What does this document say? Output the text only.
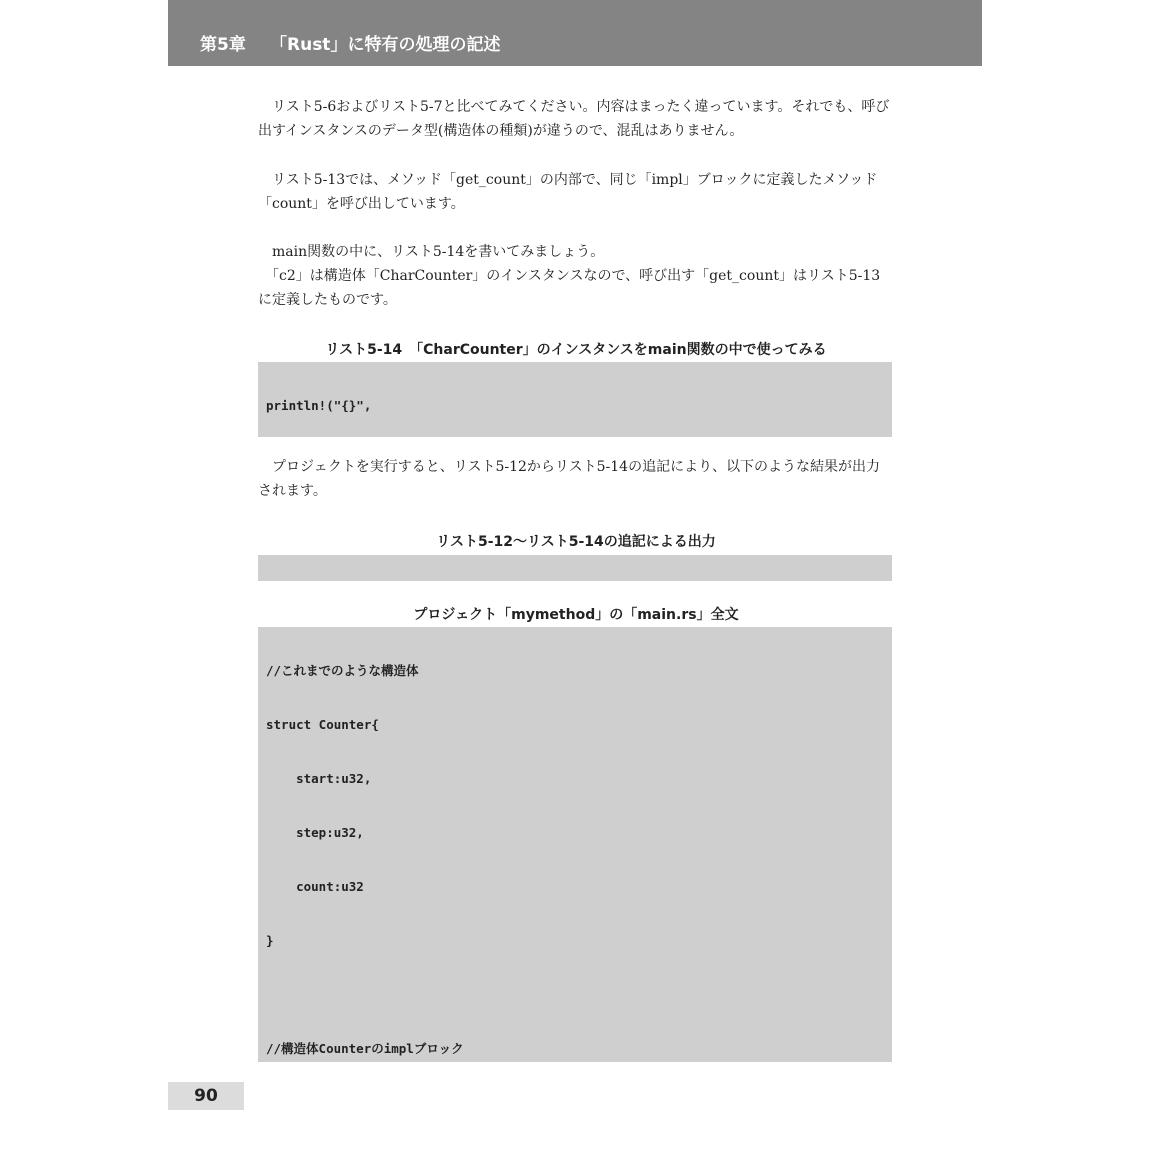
第5章 「Rust」に特有の処理の記述

　リスト5-6およびリスト5-7と比べてみてください。内容はまったく違っています。それでも、呼び出すインスタンスのデータ型(構造体の種類)が違うので、混乱はありません。

　リスト5-13では、メソッド「get_count」の内部で、同じ「impl」ブロックに定義したメソッド「count」を呼び出しています。

　main関数の中に、リスト5-14を書いてみましょう。

　「c2」は構造体「CharCounter」のインスタンスなので、呼び出す「get_count」はリスト5-13に定義したものです。

リスト5-14　「CharCounter」のインスタンスをmain関数の中で使ってみる

println!("{}",

　プロジェクトを実行すると、リスト5-12からリスト5-14の追記により、以下のような結果が出力されます。

リスト5-12～リスト5-14の追記による出力

プロジェクト「mymethod」の「main.rs」全文

//これまでのような構造体

struct Counter{

start:u32,

step:u32,

count:u32

}

//構造体Counterのimplブロック

90
